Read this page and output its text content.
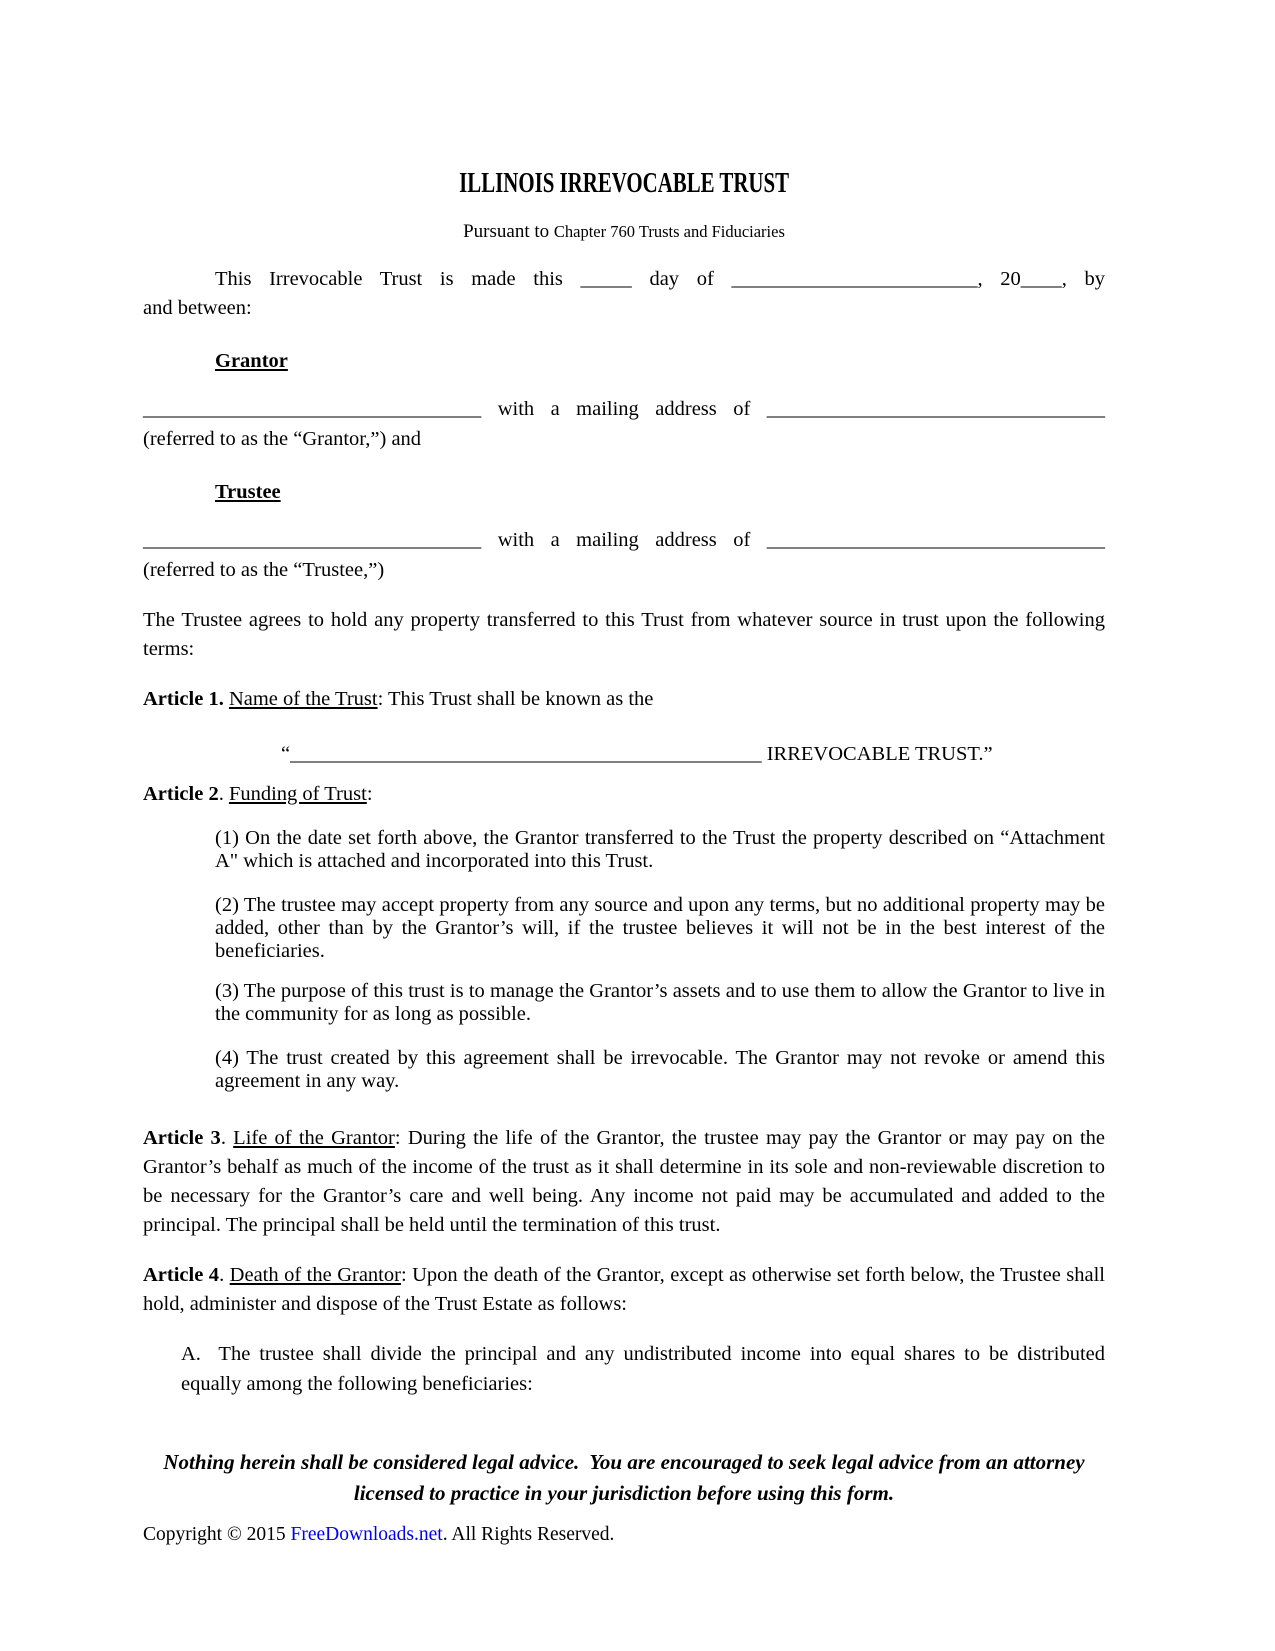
ILLINOIS IRREVOCABLE TRUST
Pursuant to Chapter 760 Trusts and Fiduciaries
This Irrevocable Trust is made this _____ day of ________________________, 20____, by
and between:
Grantor
_________________________________ with a mailing address of _________________________________
(referred to as the “Grantor,”) and
Trustee
_________________________________ with a mailing address of _________________________________
(referred to as the “Trustee,”)

The Trustee agrees to hold any property transferred to this Trust from whatever source in trust upon the following terms:

Article 1. Name of the Trust: This Trust shall be known as the
“______________________________________________ IRREVOCABLE TRUST.”
Article 2. Funding of Trust:

(1) On the date set forth above, the Grantor transferred to the Trust the property described on “Attachment A" which is attached and incorporated into this Trust.

(2) The trustee may accept property from any source and upon any terms, but no additional property may be added, other than by the Grantor’s will, if the trustee believes it will not be in the best interest of the beneficiaries.

(3) The purpose of this trust is to manage the Grantor’s assets and to use them to allow the Grantor to live in the community for as long as possible.

(4) The trust created by this agreement shall be irrevocable. The Grantor may not revoke or amend this agreement in any way.

Article 3. Life of the Grantor: During the life of the Grantor, the trustee may pay the Grantor or may pay on the Grantor’s behalf as much of the income of the trust as it shall determine in its sole and non-reviewable discretion to be necessary for the Grantor’s care and well being. Any income not paid may be accumulated and added to the principal. The principal shall be held until the termination of this trust.

Article 4. Death of the Grantor: Upon the death of the Grantor, except as otherwise set forth below, the Trustee shall hold, administer and dispose of the Trust Estate as follows:

A.  The trustee shall divide the principal and any undistributed income into equal shares to be distributed equally among the following beneficiaries:

Nothing herein shall be considered legal advice.  You are encouraged to seek legal advice from an attorney licensed to practice in your jurisdiction before using this form.
Copyright © 2015 FreeDownloads.net. All Rights Reserved.
